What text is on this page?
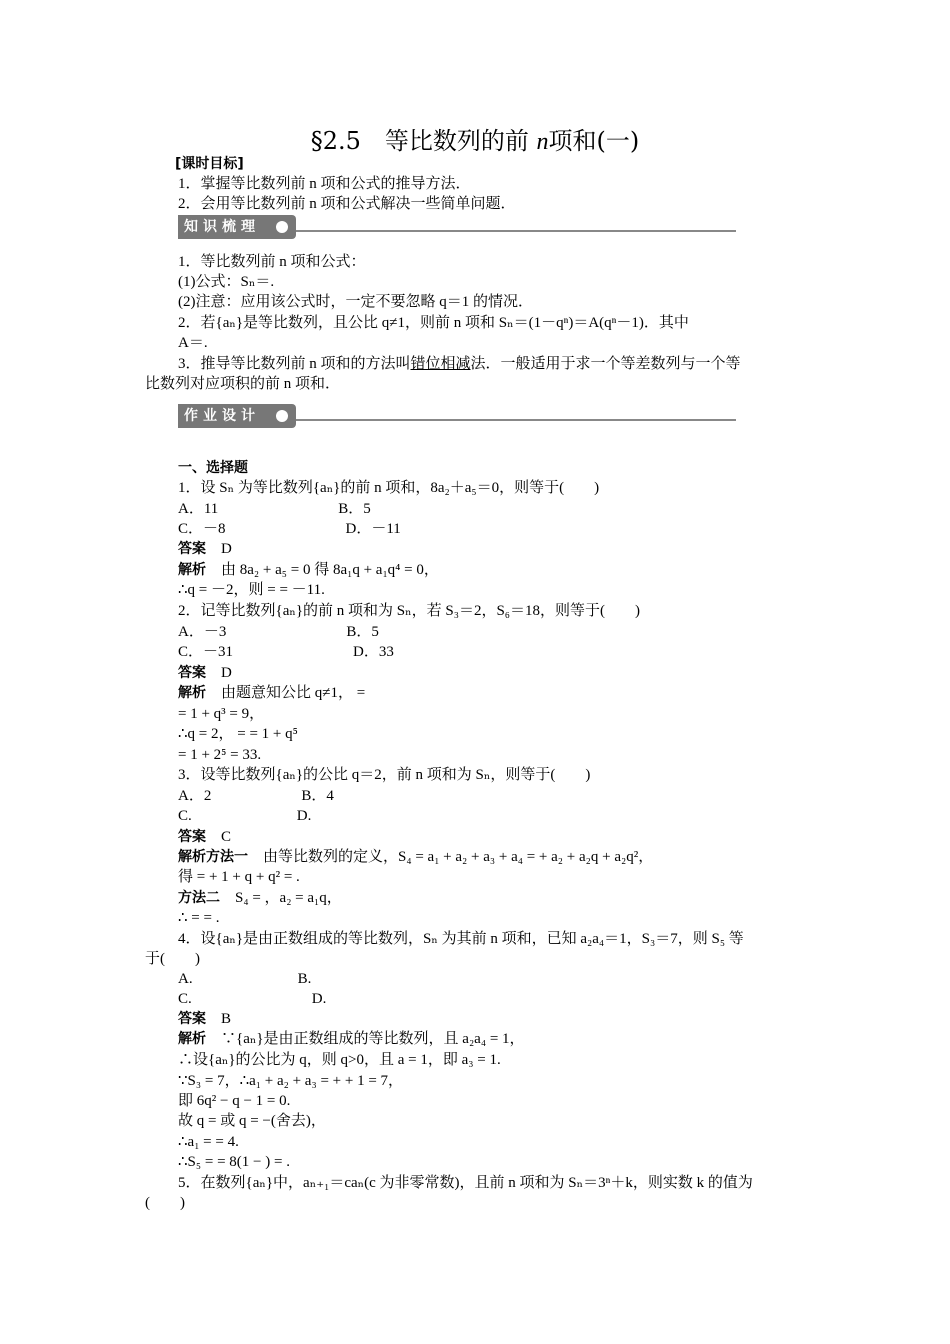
§2.5　等比数列的前 n项和(一)
[课时目标]
1．掌握等比数列前 n 项和公式的推导方法．
2．会用等比数列前 n 项和公式解决一些简单问题．
知识梳理
1．等比数列前 n 项和公式：
(1)公式：Sₙ＝.
(2)注意：应用该公式时，一定不要忽略 q＝1 的情况．
2．若{aₙ}是等比数列，且公比 q≠1，则前 n 项和 Sₙ＝(1－qⁿ)＝A(qⁿ－1)．其中
A＝.
3．推导等比数列前 n 项和的方法叫错位相减法．一般适用于求一个等差数列与一个等
比数列对应项积的前 n 项和．
作业设计
一、选择题
1．设 Sₙ 为等比数列{aₙ}的前 n 项和，8a₂＋a₅＝0，则等于(　　)
A．11　　　　　　　　B．5
C．－8　　　　　　　　D．－11
答案　D
解析　由 8a₂ + a₅ = 0 得 8a₁q + a₁q⁴ = 0，
∴q = －2，则 = = －11.
2．记等比数列{aₙ}的前 n 项和为 Sₙ，若 S₃＝2，S₆＝18，则等于(　　)
A．－3　　　　　　　　B．5
C．－31　　　　　　　　D．33
答案　D
解析　由题意知公比 q≠1， =
= 1 + q³ = 9，
∴q = 2， = = 1 + q⁵
= 1 + 2⁵ = 33.
3．设等比数列{aₙ}的公比 q＝2，前 n 项和为 Sₙ，则等于(　　)
A．2　　　　　　B．4
C.　　　　　　　D.
答案　C
解析方法一　由等比数列的定义，S₄ = a₁ + a₂ + a₃ + a₄ = + a₂ + a₂q + a₂q²，
得 = + 1 + q + q² = .
方法二　S₄ = ，a₂ = a₁q，
∴ = = .
4．设{aₙ}是由正数组成的等比数列，Sₙ 为其前 n 项和，已知 a₂a₄＝1，S₃＝7，则 S₅ 等
于(　　)
A.　　　　　　　B.
C.　　　　　　　　D.
答案　B
解析　∵{aₙ}是由正数组成的等比数列，且 a₂a₄ = 1，
∴设{aₙ}的公比为 q，则 q>0，且 a = 1，即 a₃ = 1.
∵S₃ = 7，∴a₁ + a₂ + a₃ = + + 1 = 7，
即 6q² − q − 1 = 0.
故 q = 或 q = −(舍去)，
∴a₁ = = 4.
∴S₅ = = 8(1 − ) = .
5．在数列{aₙ}中，aₙ₊₁＝caₙ(c 为非零常数)，且前 n 项和为 Sₙ＝3ⁿ＋k，则实数 k 的值为
(　　)
